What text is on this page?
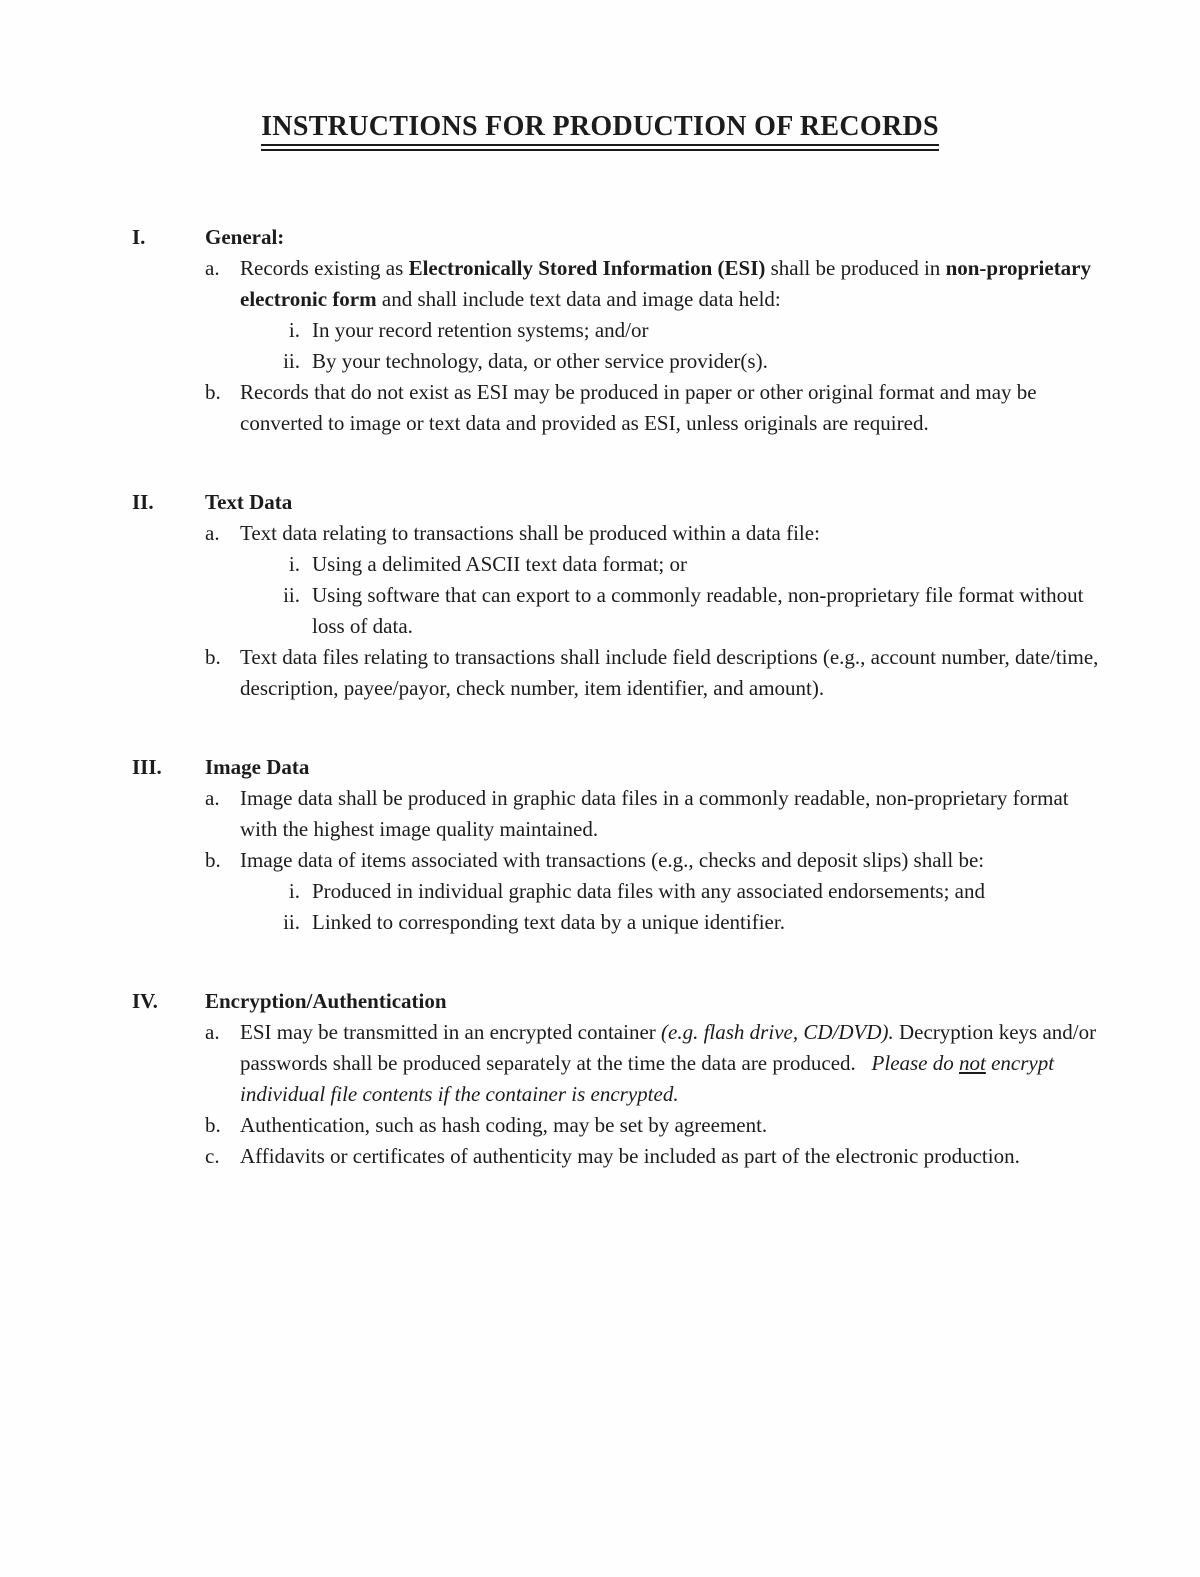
INSTRUCTIONS FOR PRODUCTION OF RECORDS
I.	General:
a. Records existing as Electronically Stored Information (ESI) shall be produced in non-proprietary electronic form and shall include text data and image data held:

i. In your record retention systems; and/or

ii. By your technology, data, or other service provider(s).

b. Records that do not exist as ESI may be produced in paper or other original format and may be converted to image or text data and provided as ESI, unless originals are required.

II.	Text Data
a. Text data relating to transactions shall be produced within a data file:

i. Using a delimited ASCII text data format; or

ii. Using software that can export to a commonly readable, non-proprietary file format without loss of data.

b. Text data files relating to transactions shall include field descriptions (e.g., account number, date/time, description, payee/payor, check number, item identifier, and amount).

III.	Image Data
a. Image data shall be produced in graphic data files in a commonly readable, non-proprietary format with the highest image quality maintained.

b. Image data of items associated with transactions (e.g., checks and deposit slips) shall be:

i. Produced in individual graphic data files with any associated endorsements; and

ii. Linked to corresponding text data by a unique identifier.

IV.	Encryption/Authentication
a. ESI may be transmitted in an encrypted container (e.g. flash drive, CD/DVD). Decryption keys and/or passwords shall be produced separately at the time the data are produced.   Please do not encrypt individual file contents if the container is encrypted.

b. Authentication, such as hash coding, may be set by agreement.

c. Affidavits or certificates of authenticity may be included as part of the electronic production.
